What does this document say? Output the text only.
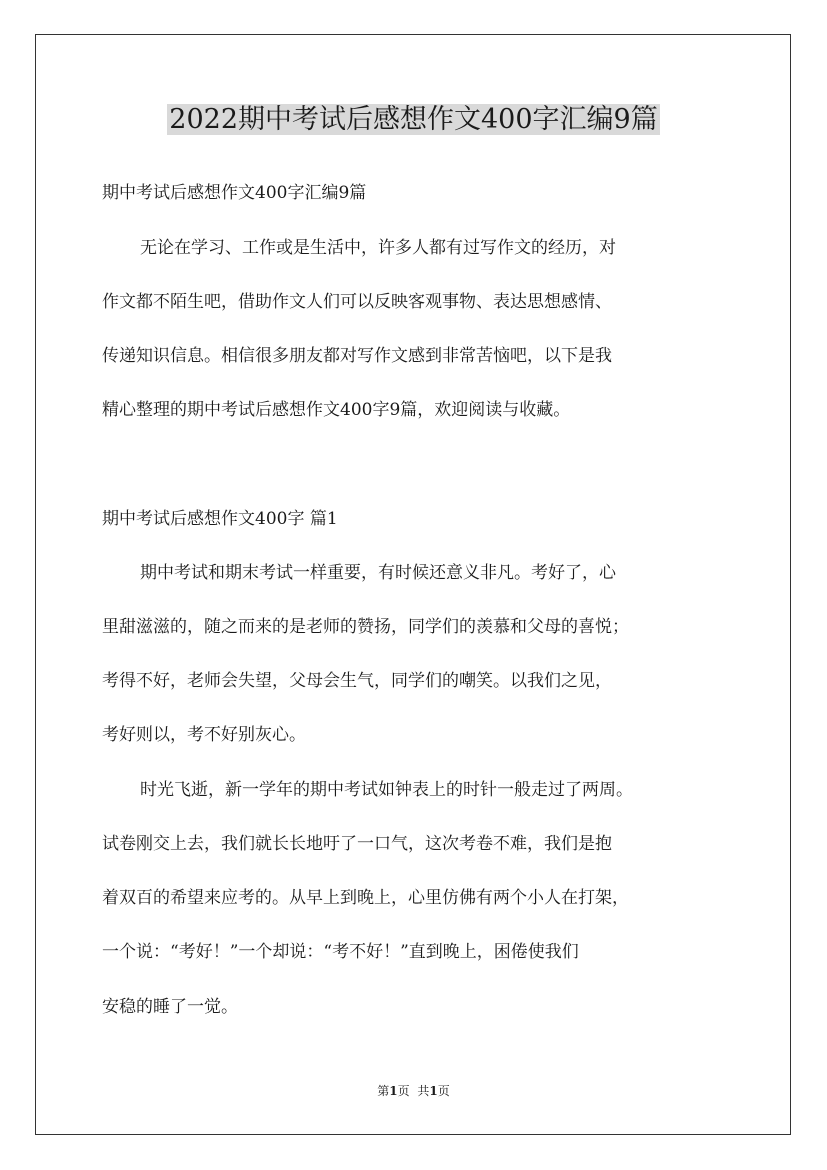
2022期中考试后感想作文400字汇编9篇
期中考试后感想作文400字汇编9篇
无论在学习、工作或是生活中，许多人都有过写作文的经历，对
作文都不陌生吧，借助作文人们可以反映客观事物、表达思想感情、
传递知识信息。相信很多朋友都对写作文感到非常苦恼吧，以下是我
精心整理的期中考试后感想作文400字9篇，欢迎阅读与收藏。
期中考试后感想作文400字 篇1
期中考试和期末考试一样重要，有时候还意义非凡。考好了，心
里甜滋滋的，随之而来的是老师的赞扬，同学们的羡慕和父母的喜悦；
考得不好，老师会失望，父母会生气，同学们的嘲笑。以我们之见，
考好则以，考不好别灰心。
时光飞逝，新一学年的期中考试如钟表上的时针一般走过了两周。
试卷刚交上去，我们就长长地吁了一口气，这次考卷不难，我们是抱
着双百的希望来应考的。从早上到晚上，心里仿佛有两个小人在打架，
一个说：“考好！”一个却说：“考不好！”直到晚上，困倦使我们
安稳的睡了一觉。
第1页 共1页
